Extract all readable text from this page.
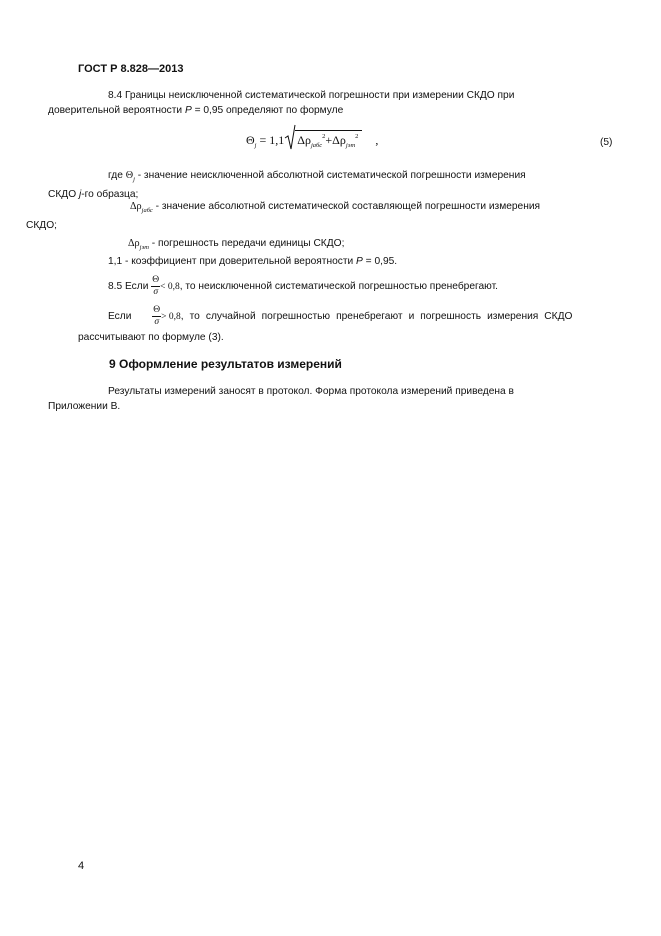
ГОСТ Р 8.828—2013
8.4 Границы неисключенной систематической погрешности при измерении СКДО при
доверительной вероятности P = 0,95 определяют по формуле
$\Theta_j = 1,1$ $\Delta\rho_{jабс}^2+\Delta\rho_{jэт}^2$ ,	(5)
где $\Theta_j$ - значение неисключенной абсолютной систематической погрешности измерения
СКДО j-го образца;
$\Delta\rho_{jабс}$ - значение абсолютной систематической составляющей погрешности измерения
СКДО;
$\Delta\rho_{jэт}$ - погрешность передачи единицы СКДО;
1,1 - коэффициент при доверительной вероятности P = 0,95.
8.5 Если $\frac{\Theta}{\sigma} < 0,8$, то неисключенной систематической погрешностью пренебрегают.
Если $\frac{\Theta}{\sigma} > 0,8$, то случайной погрешностью пренебрегают и погрешность измерения СКДО
рассчитывают по формуле (3).
9 Оформление результатов измерений
Результаты измерений заносят в протокол. Форма протокола измерений приведена в
Приложении В.
4
